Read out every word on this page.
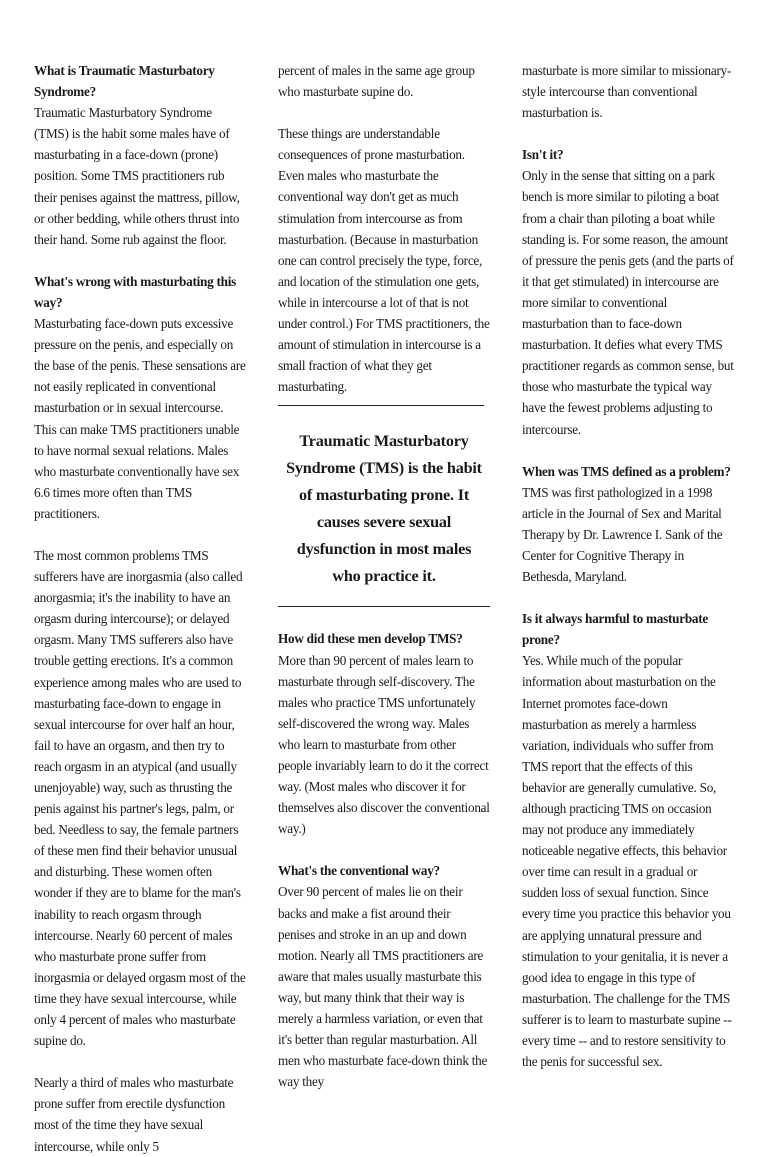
What is Traumatic Masturbatory Syndrome?

Traumatic Masturbatory Syndrome (TMS) is the habit some males have of masturbating in a face-down (prone) position. Some TMS practitioners rub their penises against the mattress, pillow, or other bedding, while others thrust into their hand. Some rub against the floor.

What's wrong with masturbating this way?

Masturbating face-down puts excessive pressure on the penis, and especially on the base of the penis. These sensations are not easily replicated in conventional masturbation or in sexual intercourse. This can make TMS practitioners unable to have normal sexual relations. Males who masturbate conventionally have sex 6.6 times more often than TMS practitioners.

The most common problems TMS sufferers have are inorgasmia (also called anorgasmia; it's the inability to have an orgasm during intercourse); or delayed orgasm. Many TMS sufferers also have trouble getting erections. It's a common experience among males who are used to masturbating face-down to engage in sexual intercourse for over half an hour, fail to have an orgasm, and then try to reach orgasm in an atypical (and usually unenjoyable) way, such as thrusting the penis against his partner's legs, palm, or bed. Needless to say, the female partners of these men find their behavior unusual and disturbing. These women often wonder if they are to blame for the man's inability to reach orgasm through intercourse. Nearly 60 percent of males who masturbate prone suffer from inorgasmia or delayed orgasm most of the time they have sexual intercourse, while only 4 percent of males who masturbate supine do.

Nearly a third of males who masturbate prone suffer from erectile dysfunction most of the time they have sexual intercourse, while only 5

percent of males in the same age group who masturbate supine do.

These things are understandable consequences of prone masturbation. Even males who masturbate the conventional way don't get as much stimulation from intercourse as from masturbation. (Because in masturbation one can control precisely the type, force, and location of the stimulation one gets, while in intercourse a lot of that is not under control.) For TMS practitioners, the amount of stimulation in intercourse is a small fraction of what they get masturbating.

Traumatic Masturbatory Syndrome (TMS) is the habit of masturbating prone. It causes severe sexual dysfunction in most males who practice it.

How did these men develop TMS?

More than 90 percent of males learn to masturbate through self-discovery. The males who practice TMS unfortunately self-discovered the wrong way. Males who learn to masturbate from other people invariably learn to do it the correct way. (Most males who discover it for themselves also discover the conventional way.)

What's the conventional way?

Over 90 percent of males lie on their backs and make a fist around their penises and stroke in an up and down motion. Nearly all TMS practitioners are aware that males usually masturbate this way, but many think that their way is merely a harmless variation, or even that it's better than regular masturbation. All men who masturbate face-down think the way they

masturbate is more similar to missionary-style intercourse than conventional masturbation is.

Isn't it?

Only in the sense that sitting on a park bench is more similar to piloting a boat from a chair than piloting a boat while standing is. For some reason, the amount of pressure the penis gets (and the parts of it that get stimulated) in intercourse are more similar to conventional masturbation than to face-down masturbation. It defies what every TMS practitioner regards as common sense, but those who masturbate the typical way have the fewest problems adjusting to intercourse.

When was TMS defined as a problem?

TMS was first pathologized in a 1998 article in the Journal of Sex and Marital Therapy by Dr. Lawrence I. Sank of the Center for Cognitive Therapy in Bethesda, Maryland.

Is it always harmful to masturbate prone?

Yes. While much of the popular information about masturbation on the Internet promotes face-down masturbation as merely a harmless variation, individuals who suffer from TMS report that the effects of this behavior are generally cumulative. So, although practicing TMS on occasion may not produce any immediately noticeable negative effects, this behavior over time can result in a gradual or sudden loss of sexual function. Since every time you practice this behavior you are applying unnatural pressure and stimulation to your genitalia, it is never a good idea to engage in this type of masturbation. The challenge for the TMS sufferer is to learn to masturbate supine -- every time -- and to restore sensitivity to the penis for successful sex.
